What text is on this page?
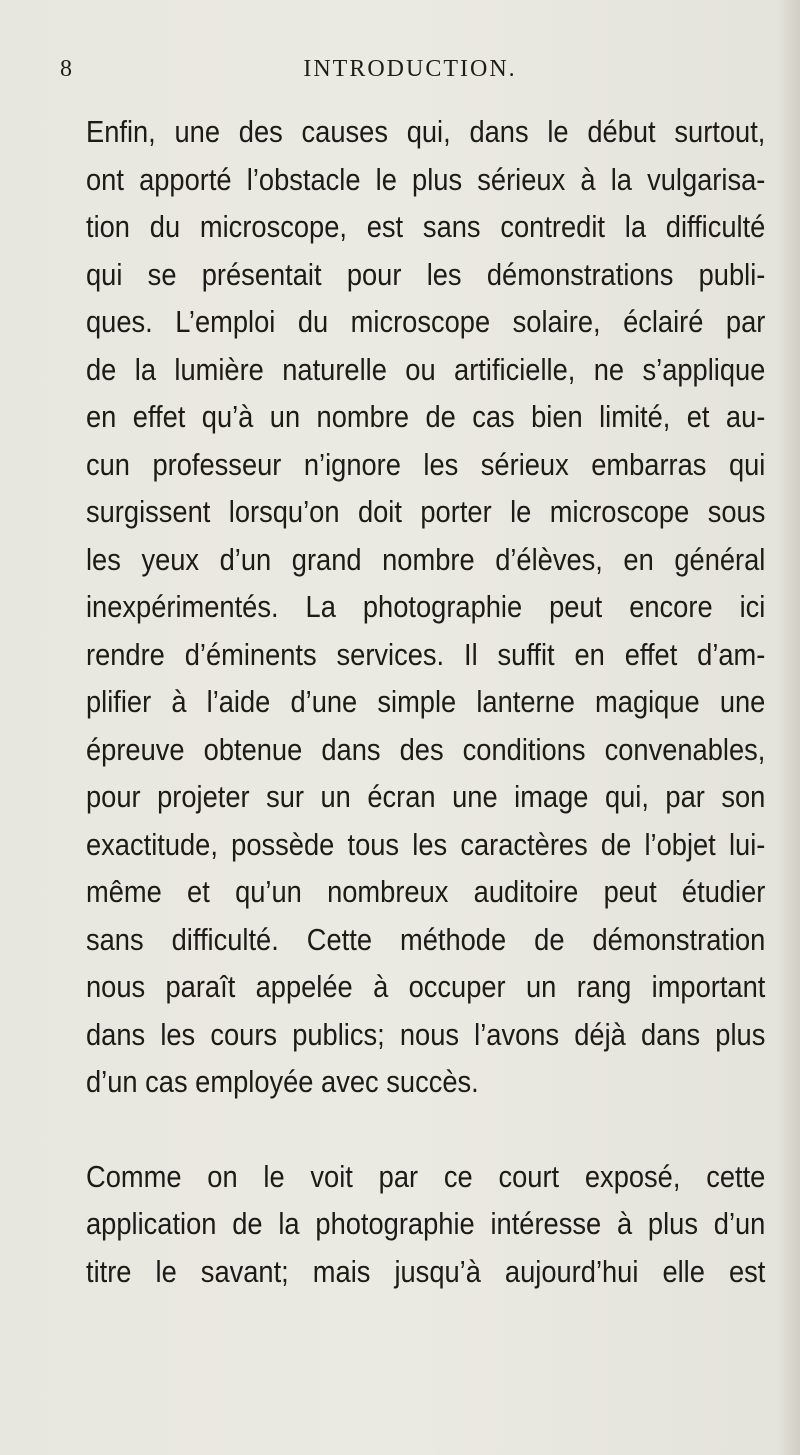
8	INTRODUCTION.
Enfin, une des causes qui, dans le début surtout,
ont apporté l’obstacle le plus sérieux à la vulgarisa-
tion du microscope, est sans contredit la difficulté
qui se présentait pour les démonstrations publi-
ques. L’emploi du microscope solaire, éclairé par
de la lumière naturelle ou artificielle, ne s’applique
en effet qu’à un nombre de cas bien limité, et au-
cun professeur n’ignore les sérieux embarras qui
surgissent lorsqu’on doit porter le microscope sous
les yeux d’un grand nombre d’élèves, en général
inexpérimentés. La photographie peut encore ici
rendre d’éminents services. Il suffit en effet d’am-
plifier à l’aide d’une simple lanterne magique une
épreuve obtenue dans des conditions convenables,
pour projeter sur un écran une image qui, par son
exactitude, possède tous les caractères de l’objet lui-
même et qu’un nombreux auditoire peut étudier
sans difficulté. Cette méthode de démonstration
nous paraît appelée à occuper un rang important
dans les cours publics; nous l’avons déjà dans plus
d’un cas employée avec succès.
Comme on le voit par ce court exposé, cette
application de la photographie intéresse à plus d’un
titre le savant; mais jusqu’à aujourd’hui elle est
